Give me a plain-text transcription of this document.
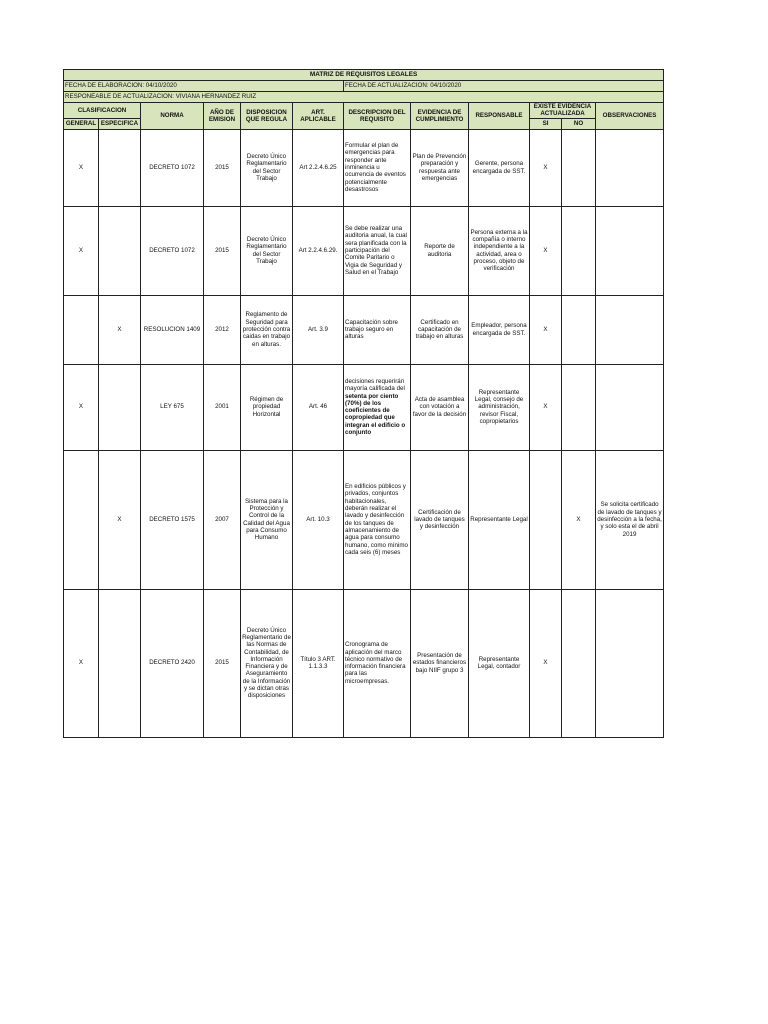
MATRIZ DE REQUISITOS LEGALES											
FECHA DE ELABORACION: 04/10/2020						FECHA DE ACTUALIZACION: 04/10/2020					
RESPONEABLE DE ACTUALIZACION: VIVIANA HERNANDEZ RUIZ											
CLASIFICACION		NORMA	AÑO DE EMISION	DISPOSICION QUE REGULA	ART. APLICABLE	DESCRIPCION DEL REQUISITO	EVIDENCIA DE CUMPLIMIENTO	RESPONSABLE	EXISTE EVIDENCIA ACTUALIZADA		OBSERVACIONES
GENERAL	ESPECIFICA								SI	NO	
X		DECRETO 1072	2015	Decreto Único Reglamentario del Sector Trabajo	Art 2.2.4.6.25	Formular el plan de emergencias para responder ante inminencia u ocurrencia de eventos potencialmente desastrosos	Plan de Prevención preparación y respuesta ante emergencias	Gerente, persona encargada de SST.	X		
X		DECRETO 1072	2015	Decreto Único Reglamentario del Sector Trabajo	Art 2.2.4.6.29.	Se debe realizar una auditoria anual, la cual sera planificada con la participación del Comite Paritario o Vigia de Seguridad y Salud en el Trabajo	Reporte de auditoria	Persona externa a la compañía o interno independiente a la actividad, area o proceso, objeto de verificación	X		
	X	RESOLUCION 1409	2012	Reglamento de Seguridad para protección contra caidas en trabajo en alturas.	Art. 3.9	Capacitación sobre trabajo seguro en alturas	Certificado en capacitación de trabajo en alturas	Empleador, persona encargada de SST.	X		
X		LEY 675	2001	Régimen de propiedad Horizontal	Art. 46	decisiones requerirán mayoría calificada del setenta por ciento (70%) de los coeficientes de copropiedad que integran el edificio o conjunto	Acta de asamblea con votación a favor de la decisión	Representante Legal, consejo de administración, revisor Fiscal, copropietarios	X		
	X	DECRETO 1575	2007	Sistema para la Protección y Control de la Calidad del Agua para Consumo Humano	Art. 10.3	En edificios públicos y privados, conjuntos habitacionales, deberán realizar el lavado y desinfección de los tanques de almacenamiento de agua para consumo humano, como mínimo cada seis (6) meses	Certificación de lavado de tanques y desinfección	Representante Legal		X	Se solicita certificado de lavado de tanques y desinfección a la fecha, y solo esta el de abril 2019
X		DECRETO 2420	2015	Decreto Único Reglamentario de las Normas de Contabilidad, de Información Financiera y de Aseguramiento de la Información y se dictan otras disposiciones	Título 3 ART. 1.1.3.3	Cronograma de aplicación del marco técnico normativo de información financiera para las microempresas.	Presentación de estados financieros bajo NIIF grupo 3	Representante Legal, contador	X		
